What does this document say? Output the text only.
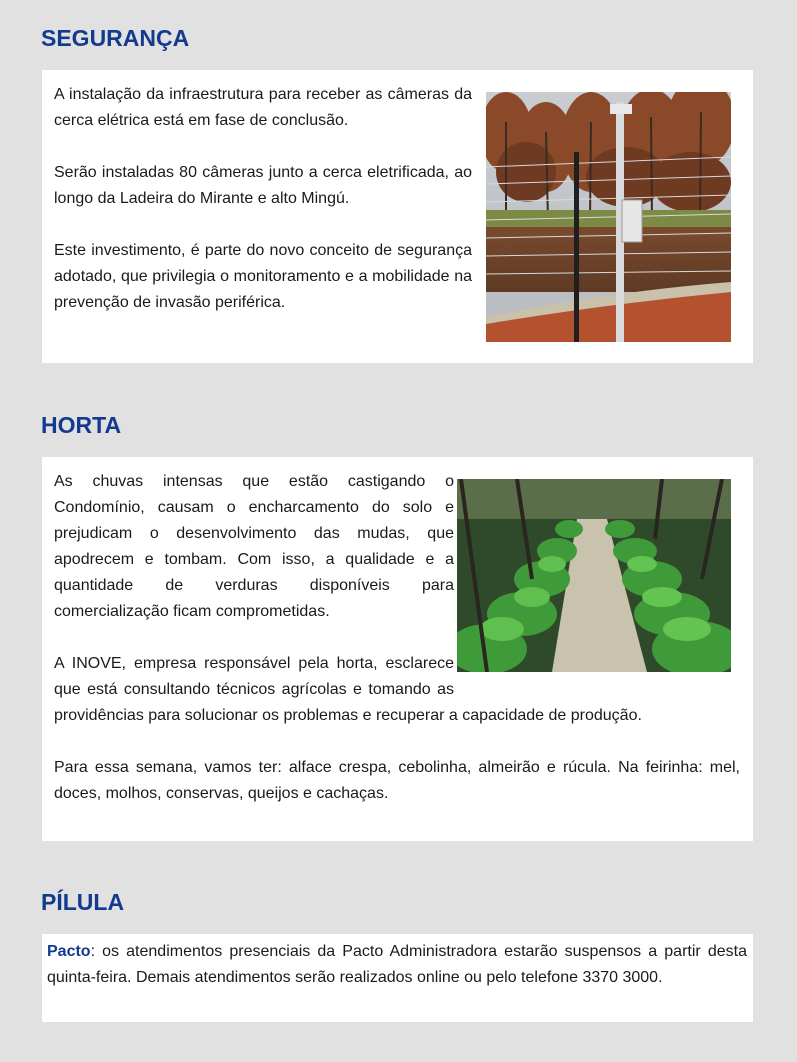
SEGURANÇA

A instalação da infraestrutura para receber as câmeras da cerca elétrica está em fase de conclusão.

Serão instaladas 80 câmeras junto a cerca eletrificada, ao longo da Ladeira do Mirante e alto Mingú.

Este investimento, é parte do novo conceito de segurança adotado, que privilegia o monitoramento e a mobilidade na prevenção de invasão periférica.

HORTA

As chuvas intensas que estão castigando o Condomínio, causam o encharcamento do solo e prejudicam o desenvolvimento das mudas, que apodrecem e tombam. Com isso, a qualidade e a quantidade de verduras disponíveis para comercialização ficam comprometidas.

A INOVE, empresa responsável pela horta, esclarece que está consultando técnicos agrícolas e tomando as providências para solucionar os problemas e recuperar a capacidade de produção.

Para essa semana, vamos ter: alface crespa, cebolinha, almeirão e rúcula. Na feirinha: mel, doces, molhos, conservas, queijos e cachaças.

PÍLULA

Pacto: os atendimentos presenciais da Pacto Administradora estarão suspensos a partir desta quinta-feira. Demais atendimentos serão realizados online ou pelo telefone 3370 3000.
